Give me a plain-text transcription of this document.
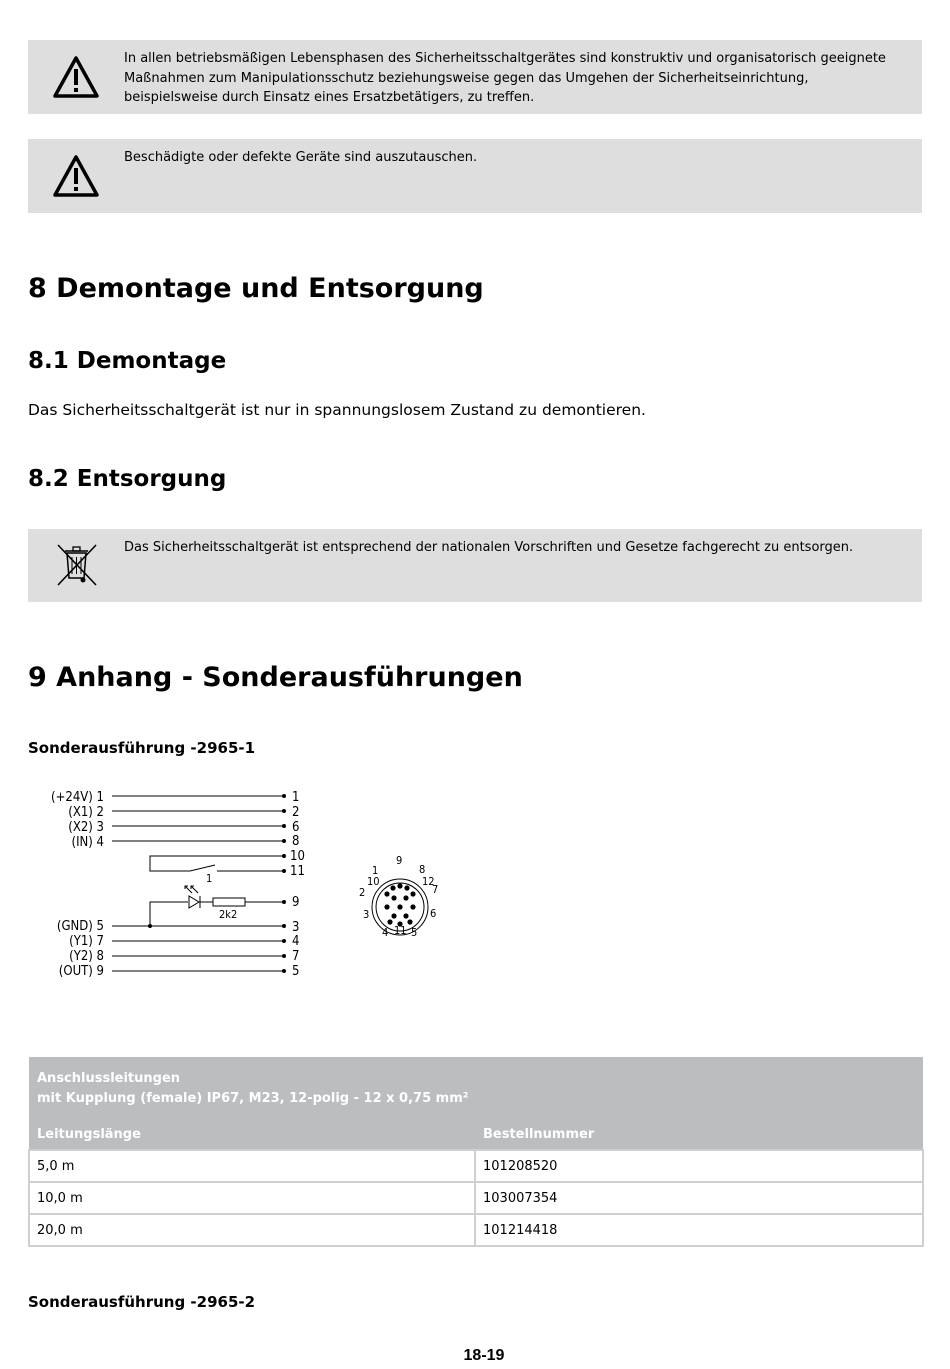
In allen betriebsmäßigen Lebensphasen des Sicherheitsschaltgerätes sind konstruktiv und organisatorisch geeignete Maßnahmen zum Manipulationsschutz beziehungsweise gegen das Umgehen der Sicherheitseinrichtung, beispielsweise durch Einsatz eines Ersatzbetätigers, zu treffen.
Beschädigte oder defekte Geräte sind auszutauschen.
8 Demontage und Entsorgung
8.1 Demontage

Das Sicherheitsschaltgerät ist nur in spannungslosem Zustand zu demontieren.

8.2 Entsorgung
Das Sicherheitsschaltgerät ist entsprechend der nationalen Vorschriften und Gesetze fachgerecht zu entsorgen.
9 Anhang - Sonderausführungen
Sonderausführung -2965-1
(+24V) 1
(X1) 2
(X2) 3
(IN) 4
(GND) 5
(Y1) 7
(Y2) 8
(OUT) 9
1
2
6
8
10
11
9
3
4
7
5
2k2
1
9
1	8
10	12
2	7
3	6
4 11 5
Anschlussleitungen
mit Kupplung (female) IP67, M23, 12-polig - 12 x 0,75 mm²	

Leitungslänge	Bestellnummer
5,0 m	101208520
10,0 m	103007354
20,0 m	101214418
Sonderausführung -2965-2
18-19
